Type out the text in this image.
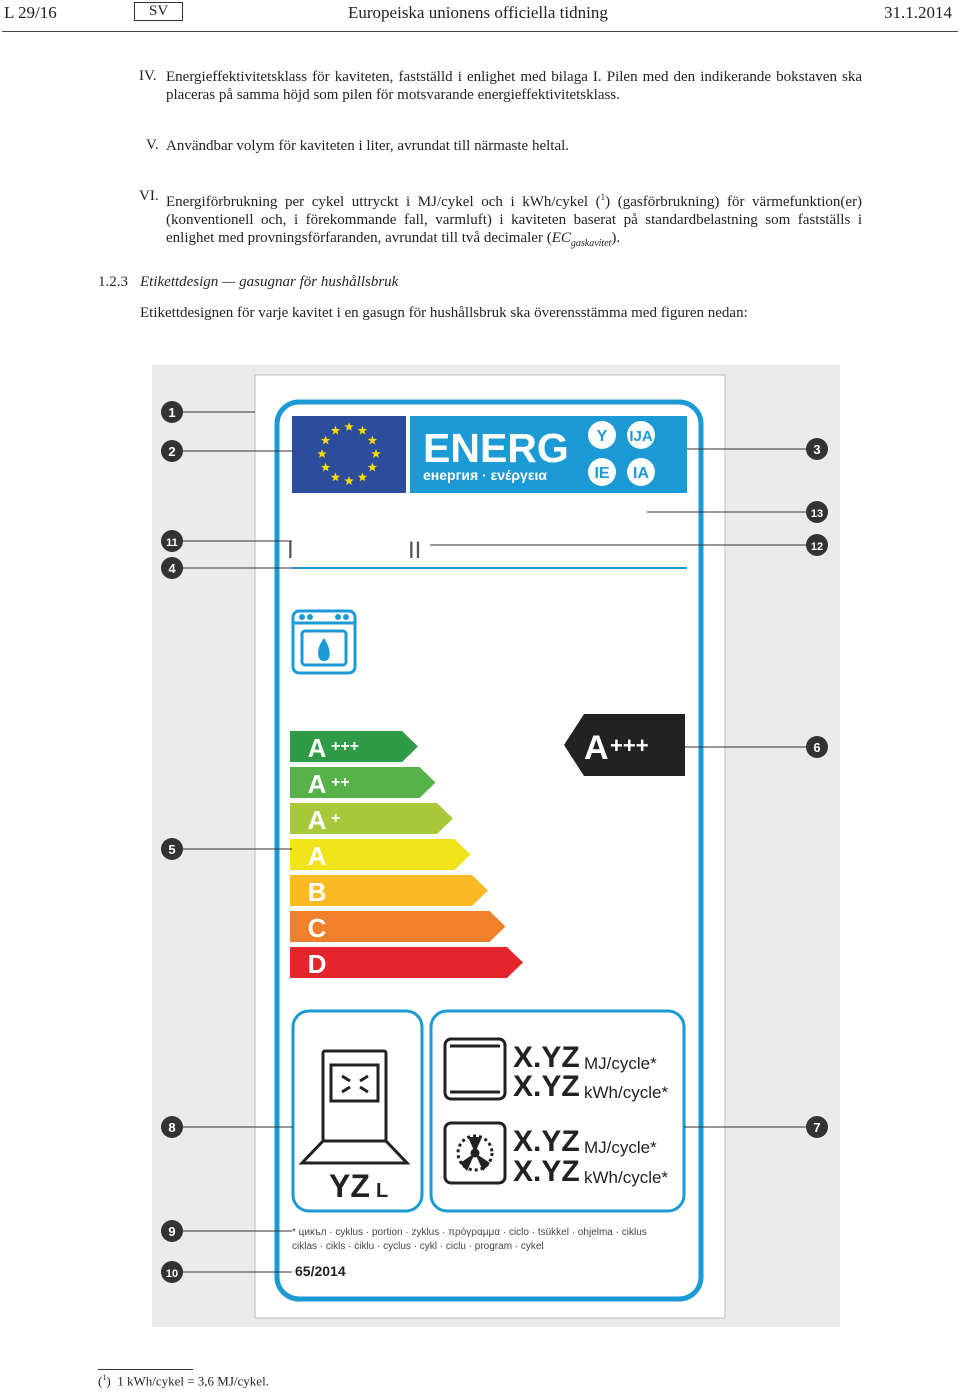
L 29/16	SV	Europeiska unionens officiella tidning	31.1.2014
IV. Energieffektivitetsklass för kaviteten, fastställd i enlighet med bilaga I. Pilen med den indikerande bokstaven ska placeras på samma höjd som pilen för motsvarande energieffektivitetsklass.
V. Användbar volym för kaviteten i liter, avrundat till närmaste heltal.
VI. Energiförbrukning per cykel uttryckt i MJ/cykel och i kWh/cykel ($^1$) (gasförbrukning) för värmefunktion(er) (konventionell och, i förekommande fall, varmluft) i kaviteten baserat på standardbelastning som fastställs i enlighet med provningsförfaranden, avrundat till två decimaler $(EC_{gaskavitet})$.
1.2.3 Etikettdesign — gasugnar för hushållsbruk
Etikettdesignen för varje kavitet i en gasugn för hushållsbruk ska överensstämma med figuren nedan:
ENERG
енергия · ενέργεια
Y IJA
IE IA
I	II
A +++
A ++
A +
A
B
C
D
A +++
YZ L
X.YZ MJ/cycle*
X.YZ kWh/cycle*
X.YZ MJ/cycle*
X.YZ kWh/cycle*
* цикъл · cyklus · portion · zyklus · πρόγραμμα · ciclo · tsükkel · ohjelma · ciklus
ciklas · cikls · ċiklu · cyclus · cykl · ciclu · program · cykel
65/2014
1
2	3
13
11
4
12
6
5
8	7
9
10
($^1$)  1 kWh/cykel = 3,6 MJ/cykel.
